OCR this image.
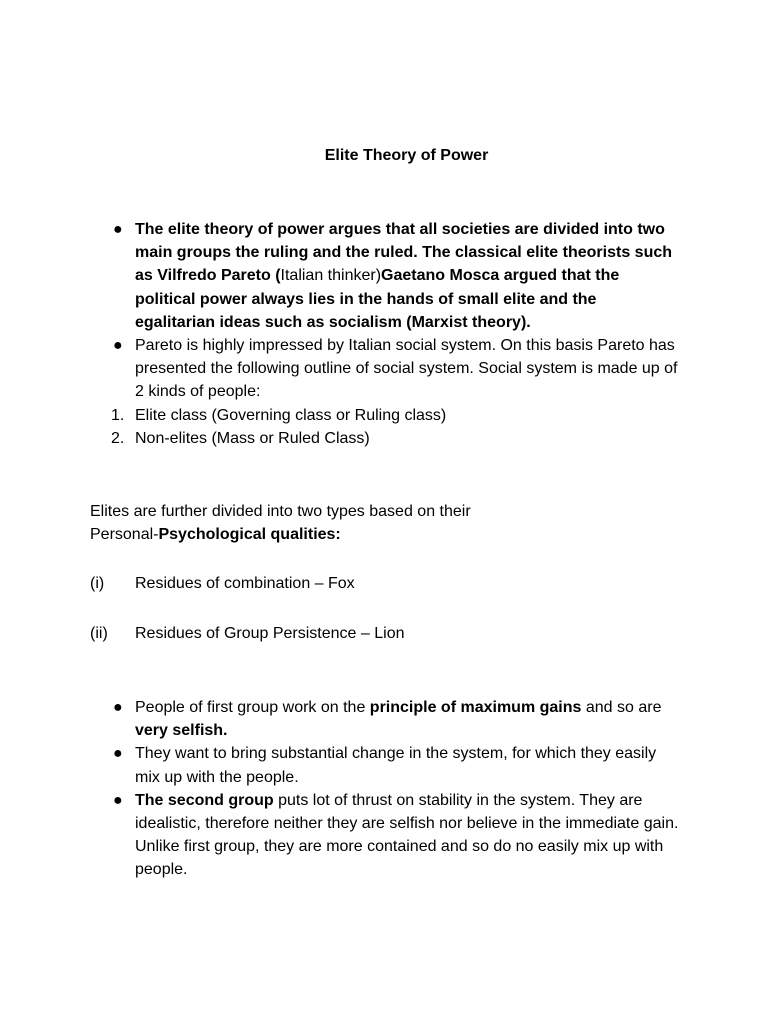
Elite Theory of Power
● The elite theory of power argues that all societies are divided into two main groups the ruling and the ruled. The classical elite theorists such as Vilfredo Pareto (Italian thinker)Gaetano Mosca argued that the political power always lies in the hands of small elite and the egalitarian ideas such as socialism (Marxist theory).
● Pareto is highly impressed by Italian social system. On this basis Pareto has presented the following outline of social system. Social system is made up of 2 kinds of people:
1. Elite class (Governing class or Ruling class)
2. Non-elites (Mass or Ruled Class)
Elites are further divided into two types based on their
Personal-Psychological qualities:
(i) Residues of combination – Fox
(ii) Residues of Group Persistence – Lion
● People of first group work on the principle of maximum gains and so are very selfish.
● They want to bring substantial change in the system, for which they easily mix up with the people.
● The second group puts lot of thrust on stability in the system. They are idealistic, therefore neither they are selfish nor believe in the immediate gain. Unlike first group, they are more contained and so do no easily mix up with people.
